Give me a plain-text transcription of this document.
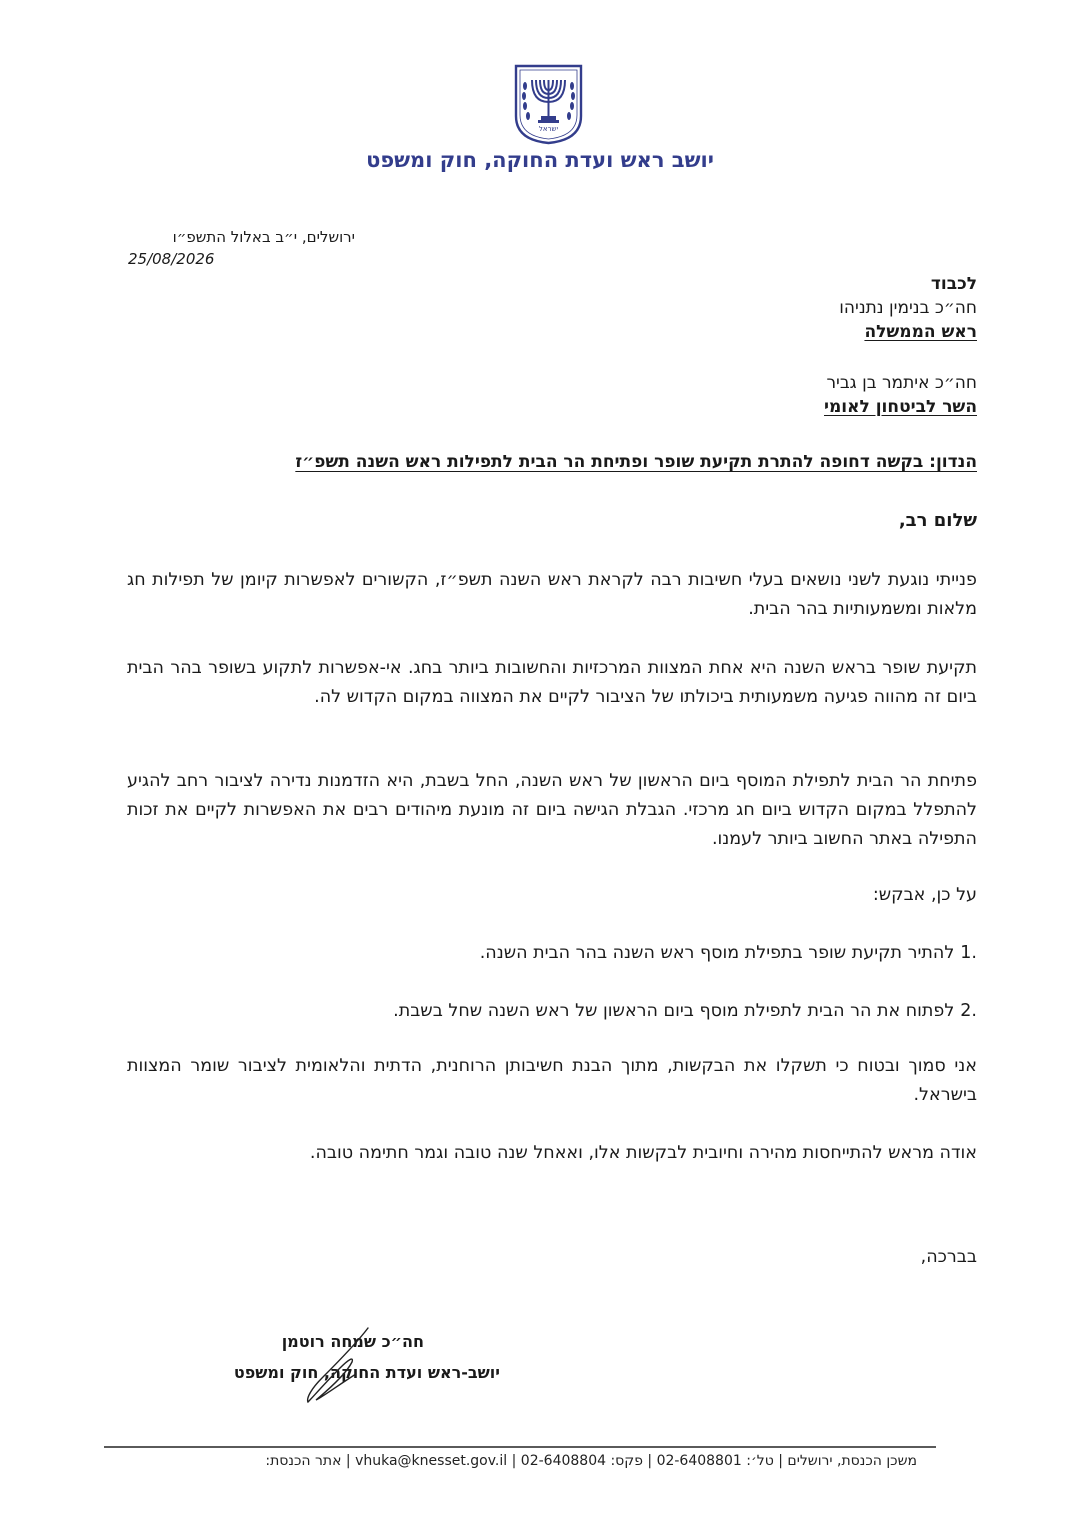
ישראל
יושב ראש ועדת החוקה, חוק ומשפט
ירושלים, י״ב באלול התשפ״ו
25/08/2026
לכבוד
חה״כ בנימין נתניהו
ראש הממשלה
חה״כ איתמר בן גביר
השר לביטחון לאומי
הנדון: בקשה דחופה להתרת תקיעת שופר ופתיחת הר הבית לתפילות ראש השנה תשפ״ז
שלום רב,
פנייתי נוגעת לשני נושאים בעלי חשיבות רבה לקראת ראש השנה תשפ״ז, הקשורים לאפשרות קיומן של תפילות חג מלאות ומשמעותיות בהר הבית.
תקיעת שופר בראש השנה היא אחת המצוות המרכזיות והחשובות ביותר בחג. אי-אפשרות לתקוע בשופר בהר הבית ביום זה מהווה פגיעה משמעותית ביכולתו של הציבור לקיים את המצווה במקום הקדוש לה.
פתיחת הר הבית לתפילת המוסף ביום הראשון של ראש השנה, החל בשבת, היא הזדמנות נדירה לציבור רחב להגיע להתפלל במקום הקדוש ביום חג מרכזי. הגבלת הגישה ביום זה מונעת מיהודים רבים את האפשרות לקיים את זכות התפילה באתר החשוב ביותר לעמנו.
על כן, אבקש:
1.להתיר תקיעת שופר בתפילת מוסף ראש השנה בהר הבית השנה.
2.לפתוח את הר הבית לתפילת מוסף ביום הראשון של ראש השנה שחל בשבת.
אני סמוך ובטוח כי תשקלו את הבקשות, מתוך הבנת חשיבותן הרוחנית, הדתית והלאומית לציבור שומר המצוות בישראל.
אודה מראש להתייחסות מהירה וחיובית לבקשות אלו, ואאחל שנה טובה וגמר חתימה טובה.
בברכה,
חה״כ שמחה רוטמן
יושב-ראש ועדת החוקה, חוק ומשפט
משכן הכנסת, ירושלים | טל׳: 02-6408801 | פקס: 02-6408804 | vhuka@knesset.gov.il | אתר הכנסת:
